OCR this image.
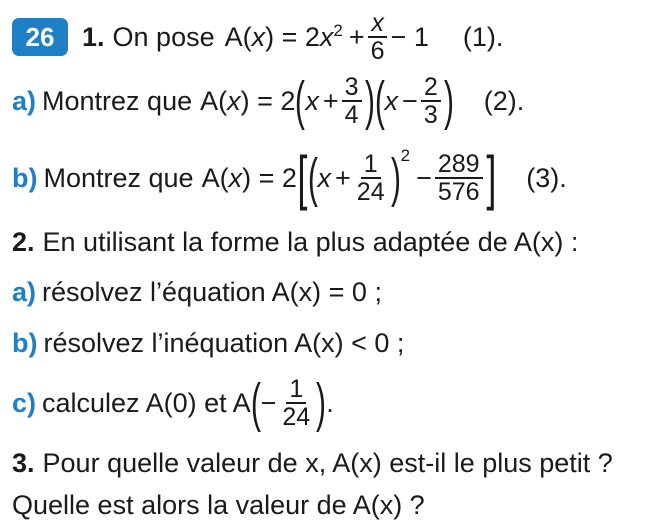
26	1. On pose $A(x) = 2x^2 + \frac{x}{6} - 1$ (1).
a) Montrez que A(x) = 2 ( $x + \frac{3}{4}$ ) ( $x - \frac{2}{3}$ ) (2).
b) Montrez que A(x) = 2 [ ( $x + \frac{1}{24}$ ) 2
− $\frac{289}{576}$ ] (3).
2. En utilisant la forme la plus adaptée de A(x) :
a) résolvez l’équation A(x) = 0 ;
b) résolvez l’inéquation A(x) < 0 ;
c) calculez A(0) et A ( − $\frac{1}{24}$ ) .
3. Pour quelle valeur de x, A(x) est-il le plus petit ?
Quelle est alors la valeur de A(x) ?
